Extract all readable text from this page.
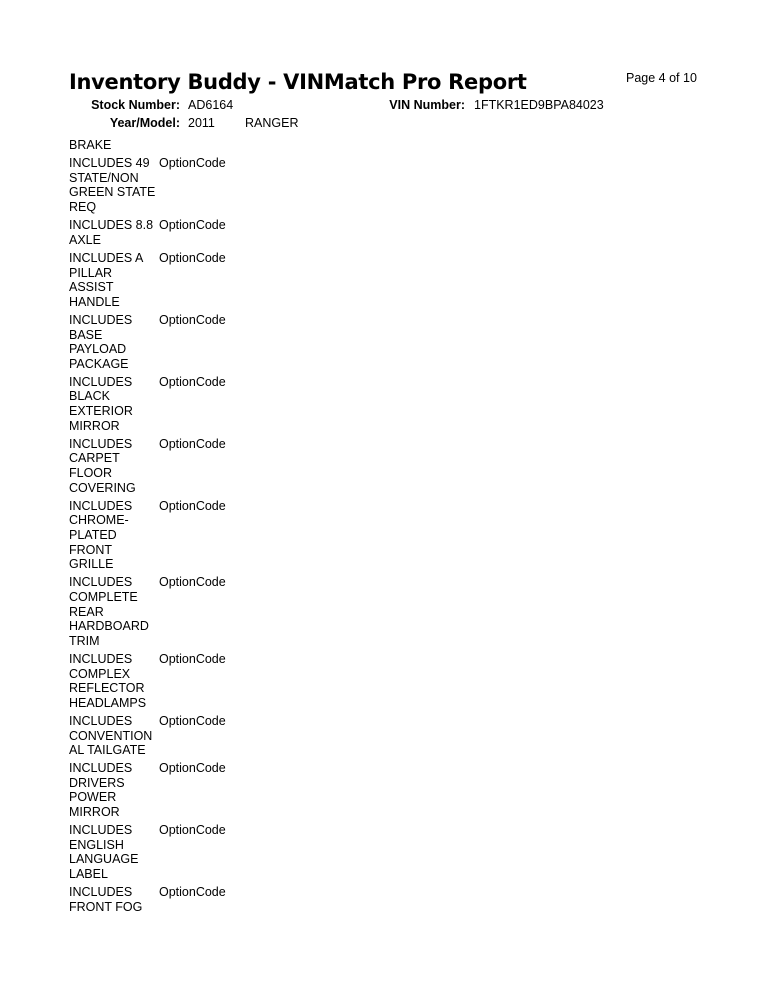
Inventory Buddy - VINMatch Pro Report	Page 4 of 10
Stock Number: AD6164	VIN Number: 1FTKR1ED9BPA84023
Year/Model: 2011 RANGER
BRAKE
INCLUDES 49 STATE/NON GREEN STATE REQ
OptionCode
INCLUDES 8.8 AXLE
OptionCode
INCLUDES A PILLAR ASSIST HANDLE
OptionCode
INCLUDES BASE PAYLOAD PACKAGE
OptionCode
INCLUDES BLACK EXTERIOR MIRROR
OptionCode
INCLUDES CARPET FLOOR COVERING
OptionCode
INCLUDES CHROME-PLATED FRONT GRILLE
OptionCode
INCLUDES COMPLETE REAR HARDBOARD TRIM
OptionCode
INCLUDES COMPLEX REFLECTOR HEADLAMPS
OptionCode
INCLUDES CONVENTIONAL TAILGATE
OptionCode
INCLUDES DRIVERS POWER MIRROR
OptionCode
INCLUDES ENGLISH LANGUAGE LABEL
OptionCode
INCLUDES FRONT FOG
OptionCode
